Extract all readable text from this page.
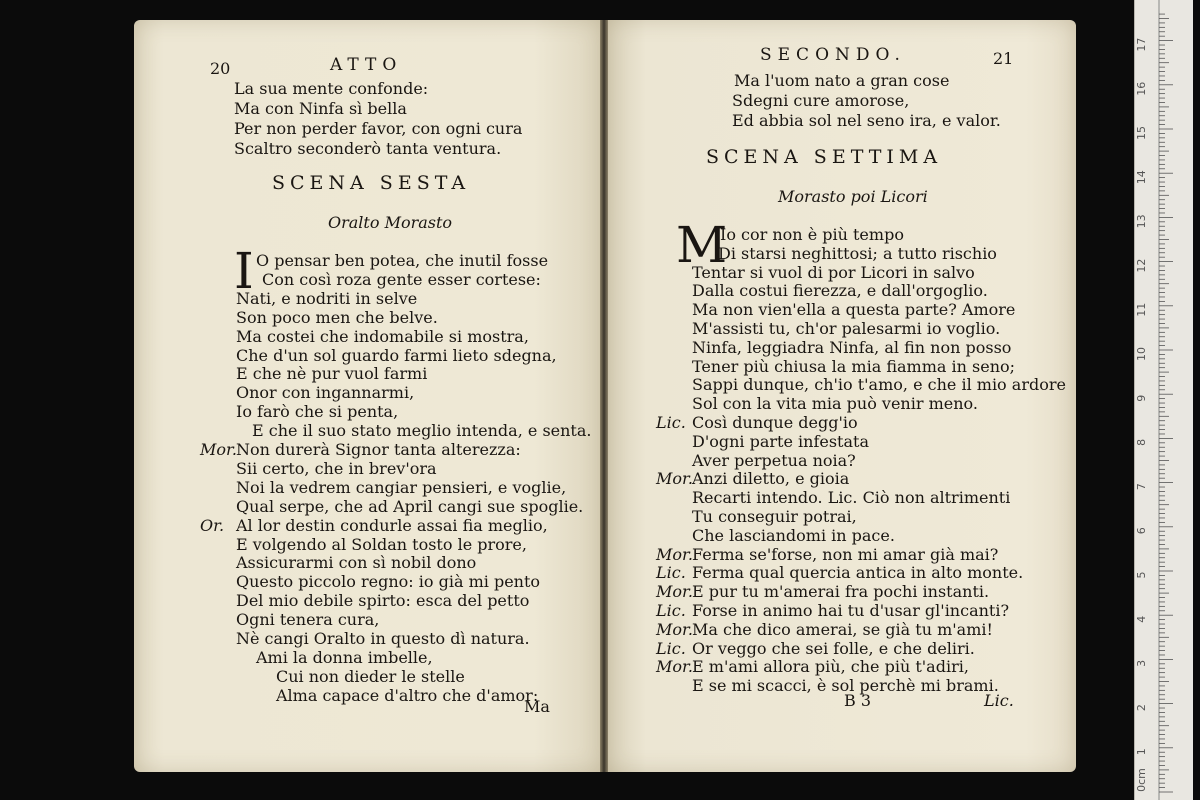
20	ATTO
La sua mente confonde:
Ma con Ninfa sì bella
Per non perder favor, con ogni cura
Scaltro seconderò tanta ventura.
SCENA SESTA
Oralto Morasto
I O pensar ben potea, che inutil fosse
Con così roza gente esser cortese:
Nati, e nodriti in selve
Son poco men che belve.
Ma costei che indomabile si mostra,
Che d'un sol guardo farmi lieto sdegna,
E che nè pur vuol farmi
Onor con ingannarmi,
Io farò che si penta,
E che il suo stato meglio intenda, e senta.
Mor. Non durerà Signor tanta alterezza:
Sii certo, che in brev'ora
Noi la vedrem cangiar pensieri, e voglie,
Qual serpe, che ad April cangi sue spoglie.
Or. Al lor destin condurle assai fia meglio,
E volgendo al Soldan tosto le prore,
Assicurarmi con sì nobil dono
Questo piccolo regno: io già mi pento
Del mio debile spirto: esca del petto
Ogni tenera cura,
Nè cangi Oralto in questo dì natura.
Ami la donna imbelle,
Cui non dieder le stelle
Alma capace d'altro che d'amor:
Ma
SECONDO.	21
Ma l'uom nato a gran cose
Sdegni cure amorose,
Ed abbia sol nel seno ira, e valor.
SCENA SETTIMA
Morasto poi Licori
M
Io cor non è più tempo
Di starsi neghittosi; a tutto rischio
Tentar si vuol di por Licori in salvo
Dalla costui fierezza, e dall'orgoglio.
Ma non vien'ella a questa parte? Amore
M'assisti tu, ch'or palesarmi io voglio.
Ninfa, leggiadra Ninfa, al fin non posso
Tener più chiusa la mia fiamma in seno;
Sappi dunque, ch'io t'amo, e che il mio ardore
Sol con la vita mia può venir meno.
Lic. Così dunque degg'io
D'ogni parte infestata
Aver perpetua noia?
Mor. Anzi diletto, e gioia
Recarti intendo. Lic. Ciò non altrimenti
Tu conseguir potrai,
Che lasciandomi in pace.
Mor. Ferma se'forse, non mi amar già mai?
Lic. Ferma qual quercia antica in alto monte.
Mor. E pur tu m'amerai fra pochi instanti.
Lic. Forse in animo hai tu d'usar gl'incanti?
Mor. Ma che dico amerai, se già tu m'ami!
Lic. Or veggo che sei folle, e che deliri.
Mor. E m'ami allora più, che più t'adiri,
E se mi scacci, è sol perchè mi brami.
B 3	Lic.
0cm
1
2
3
4
5
6
7
8
9
10
11
12
13
14
15
16
17
